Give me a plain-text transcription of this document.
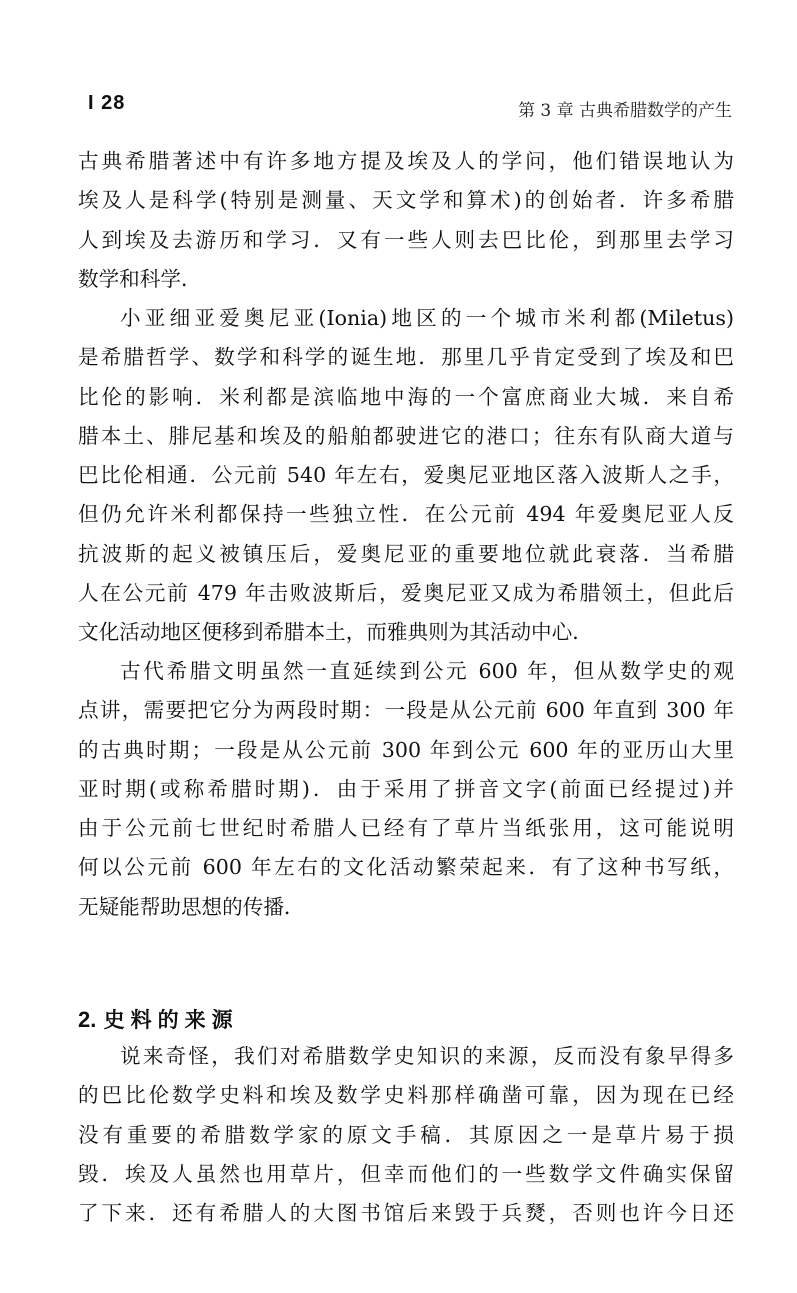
I 28	第 3 章 古典希腊数学的产生
古典希腊著述中有许多地方提及埃及人的学问，他们错误地认为
埃及人是科学(特别是测量、天文学和算术)的创始者．许多希腊
人到埃及去游历和学习．又有一些人则去巴比伦，到那里去学习
数学和科学．
小亚细亚爱奥尼亚(Ionia)地区的一个城市米利都(Miletus)
是希腊哲学、数学和科学的诞生地．那里几乎肯定受到了埃及和巴
比伦的影响．米利都是滨临地中海的一个富庶商业大城．来自希
腊本土、腓尼基和埃及的船舶都驶进它的港口；往东有队商大道与
巴比伦相通．公元前 540 年左右，爱奥尼亚地区落入波斯人之手，
但仍允许米利都保持一些独立性．在公元前 494 年爱奥尼亚人反
抗波斯的起义被镇压后，爱奥尼亚的重要地位就此衰落．当希腊
人在公元前 479 年击败波斯后，爱奥尼亚又成为希腊领土，但此后
文化活动地区便移到希腊本土，而雅典则为其活动中心．
古代希腊文明虽然一直延续到公元 600 年，但从数学史的观
点讲，需要把它分为两段时期：一段是从公元前 600 年直到 300 年
的古典时期；一段是从公元前 300 年到公元 600 年的亚历山大里
亚时期(或称希腊时期)．由于采用了拼音文字(前面已经提过)并
由于公元前七世纪时希腊人已经有了草片当纸张用，这可能说明
何以公元前 600 年左右的文化活动繁荣起来．有了这种书写纸，
无疑能帮助思想的传播．
2. 史料的来源
说来奇怪，我们对希腊数学史知识的来源，反而没有象早得多
的巴比伦数学史料和埃及数学史料那样确凿可靠，因为现在已经
没有重要的希腊数学家的原文手稿．其原因之一是草片易于损
毁．埃及人虽然也用草片，但幸而他们的一些数学文件确实保留
了下来．还有希腊人的大图书馆后来毁于兵燹，否则也许今日还
